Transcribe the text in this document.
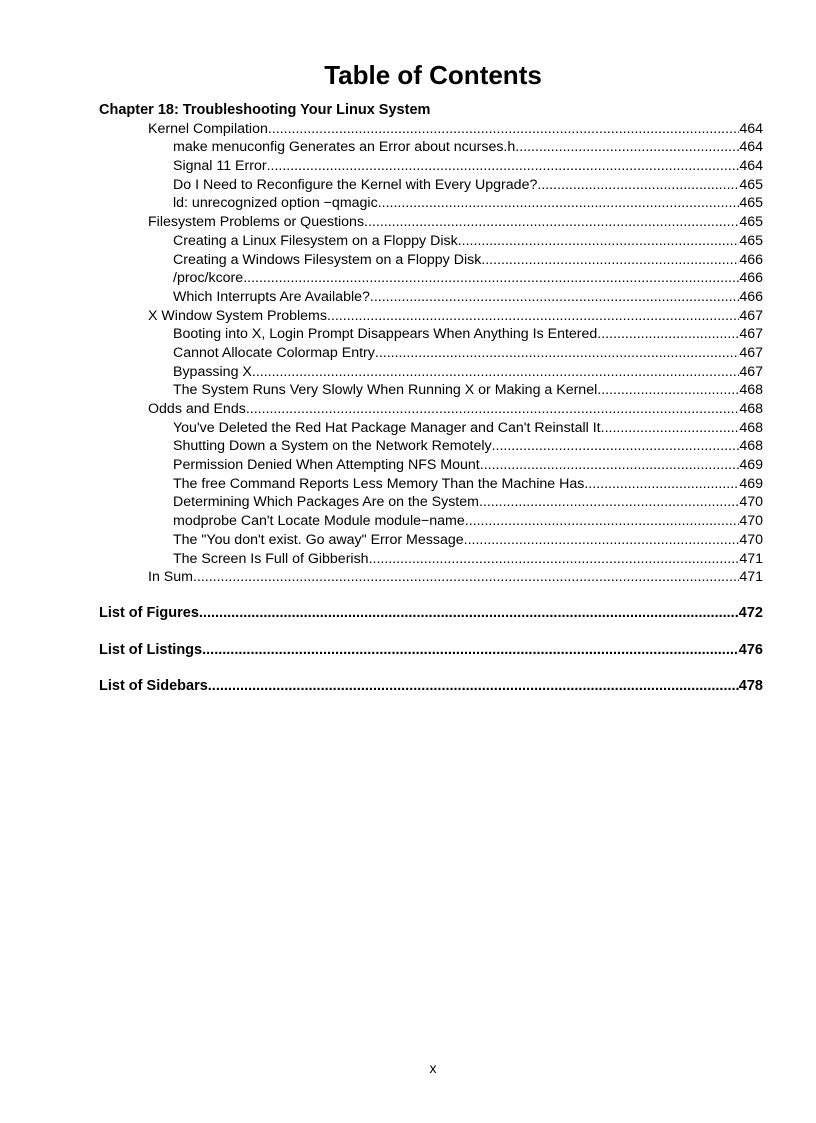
Table of Contents
Chapter 18: Troubleshooting Your Linux System
Kernel Compilation .....	464
make menuconfig Generates an Error about ncurses.h .....	464
Signal 11 Error .....	464
Do I Need to Reconfigure the Kernel with Every Upgrade? .....	465
ld: unrecognized option −qmagic .....	465
Filesystem Problems or Questions .....	465
Creating a Linux Filesystem on a Floppy Disk .....	465
Creating a Windows Filesystem on a Floppy Disk .....	466
/proc/kcore .....	466
Which Interrupts Are Available? .....	466
X Window System Problems .....	467
Booting into X, Login Prompt Disappears When Anything Is Entered .....	467
Cannot Allocate Colormap Entry .....	467
Bypassing X .....	467
The System Runs Very Slowly When Running X or Making a Kernel .....	468
Odds and Ends .....	468
You've Deleted the Red Hat Package Manager and Can't Reinstall It .....	468
Shutting Down a System on the Network Remotely .....	468
Permission Denied When Attempting NFS Mount .....	469
The free Command Reports Less Memory Than the Machine Has .....	469
Determining Which Packages Are on the System .....	470
modprobe Can't Locate Module module−name .....	470
The "You don't exist. Go away" Error Message .....	470
The Screen Is Full of Gibberish .....	471
In Sum .....	471
List of Figures .....	472
List of Listings .....	476
List of Sidebars .....	478
x
